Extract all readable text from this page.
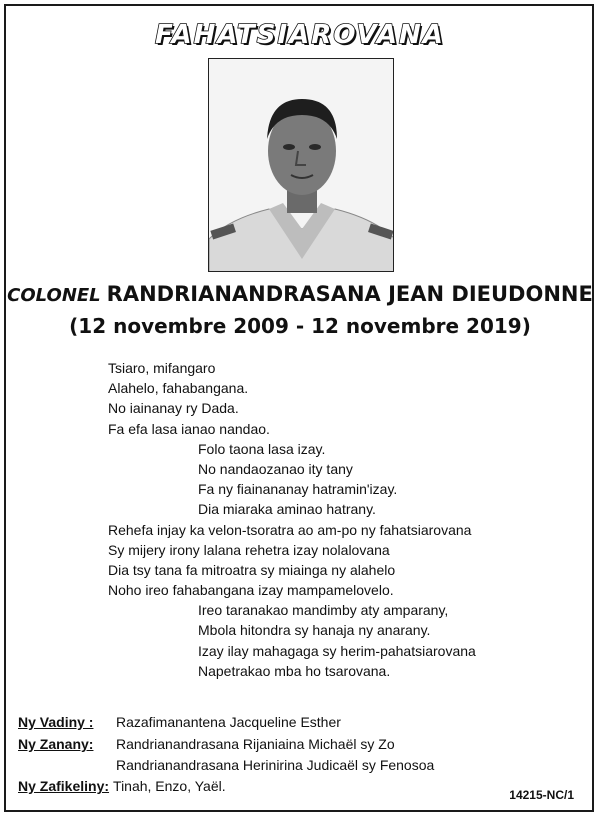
FAHATSIAROVANA
COLONEL RANDRIANANDRASANA JEAN DIEUDONNE
(12 novembre 2009 - 12 novembre 2019)
Tsiaro, mifangaro
Alahelo, fahabangana.
No iainanay ry Dada.
Fa efa lasa ianao nandao.
Folo taona lasa izay.
No nandaozanao ity tany
Fa ny fiainananay hatramin'izay.
Dia miaraka aminao hatrany.
Rehefa injay ka velon-tsoratra ao am-po ny fahatsiarovana
Sy mijery irony lalana rehetra izay nolalovana
Dia tsy tana fa mitroatra sy miainga ny alahelo
Noho ireo fahabangana izay mampamelovelo.
Ireo taranakao mandimby aty amparany,
Mbola hitondra sy hanaja ny anarany.
Izay ilay mahagaga sy herim-pahatsiarovana
Napetrakao mba ho tsarovana.
Ny Vadiny : Razafimanantena Jacqueline Esther
Ny Zanany: Randrianandrasana Rijaniaina Michaël sy Zo
Randrianandrasana Herinirina Judicaël sy Fenosoa
Ny Zafikeliny: Tinah, Enzo, Yaël.
14215-NC/1
